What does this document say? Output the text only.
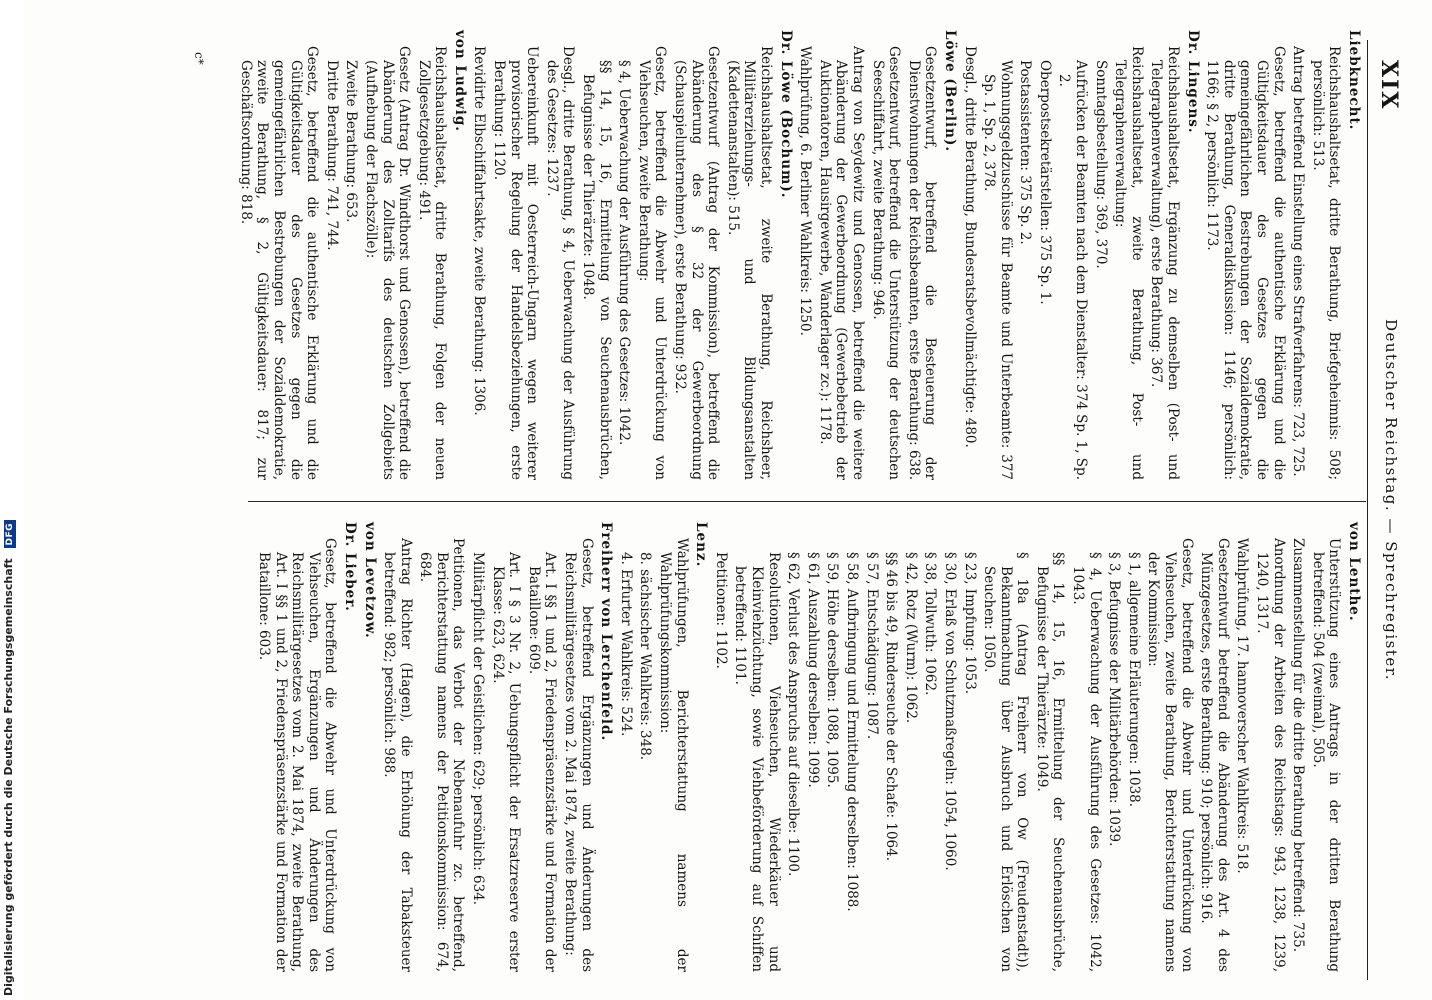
XIX
Deutscher Reichstag. — Sprechregister.

Liebknecht.

Reichshaushaltsetat, dritte Berathung, Briefgeheimnis: 508; persönlich: 513.

Antrag betreffend Einstellung eines Strafverfahrens: 723, 725.

Gesetz, betreffend die authentische Erklärung und die Gültigkeitsdauer des Gesetzes gegen die gemeingefährlichen Bestrebungen der Sozialdemokratie, dritte Berathung, Generaldiskussion: 1146; persönlich: 1166; § 2, persönlich: 1173.

Dr. Lingens.

Reichshaushaltsetat, Ergänzung zu demselben (Post- und Telegraphenverwaltung), erste Berathung: 367.

Reichshaushaltsetat, zweite Berathung, Post- und Telegraphenverwaltung:

Sonntagsbestellung: 369, 370.

Aufrücken der Beamten nach dem Dienstalter: 374 Sp. 1, Sp. 2.

Oberpostsekretärstellen: 375 Sp. 1.

Postassistenten: 375 Sp. 2.

Wohnungsgeldzuschüsse für Beamte und Unterbeamte: 377 Sp. 1, Sp. 2, 378.

Desgl., dritte Berathung, Bundesratsbevollmächtigte: 480.

Löwe (Berlin).

Gesetzentwurf, betreffend die Besteuerung der Dienstwohnungen der Reichsbeamten, erste Berathung: 638.

Gesetzentwurf, betreffend die Unterstützung der deutschen Seeschiffahrt, zweite Berathung: 946.

Antrag von Seydewitz und Genossen, betreffend die weitere Abänderung der Gewerbeordnung (Gewerbebetrieb der Auktionatoren, Hausirgewerbe, Wanderlager zc.): 1178.

Wahlprüfung, 6. Berliner Wahlkreis: 1250.

Dr. Löwe (Bochum).

Reichshaushaltsetat, zweite Berathung, Reichsheer, Militärerziehungs- und Bildungsanstalten (Kadettenanstalten): 515.

Gesetzentwurf (Antrag der Kommission), betreffend die Abänderung des § 32 der Gewerbeordnung (Schauspielunternehmer), erste Berathung: 932.

Gesetz, betreffend die Abwehr und Unterdrückung von Viehseuchen, zweite Berathung:

§ 4, Ueberwachung der Ausführung des Gesetzes: 1042.

§§ 14, 15, 16, Ermittelung von Seuchenausbrüchen, Befugnisse der Thierärzte: 1048.

Desgl., dritte Berathung, § 4, Ueberwachung der Ausführung des Gesetzes: 1237.

Uebereinkunft mit Oesterreich-Ungarn wegen weiterer provisorischer Regelung der Handelsbeziehungen, erste Berathung: 1120.

Revidirte Elbschiffahrtsakte, zweite Berathung: 1306.

von Ludwig.

Reichshaushaltsetat, dritte Berathung, Folgen der neuen Zollgesetzgebung: 491.

Gesetz (Antrag Dr. Windthorst und Genossen), betreffend die Abänderung des Zolltarifs des deutschen Zollgebiets (Aufhebung der Flachszölle):

Zweite Berathung: 653.

Dritte Berathung: 741, 744.

Gesetz, betreffend die authentische Erklärung und die Gültigkeitsdauer des Gesetzes gegen die gemeingefährlichen Bestrebungen der Sozialdemokratie, zweite Berathung, § 2, Gültigkeitsdauer: 817; zur Geschäftsordnung: 818.

von Lenthe.

Unterstützung eines Antrags in der dritten Berathung betreffend: 504 (zweimal), 505.

Zusammenstellung für die dritte Berathung betreffend: 735.

Anordnung der Arbeiten des Reichstags: 943, 1238, 1239, 1240, 1317.

Wahlprüfung, 17. hannoverscher Wahlkreis: 518.

Gesetzentwurf betreffend die Abänderung des Art. 4 des Münzgesetzes, erste Berathung: 910; persönlich: 916.

Gesetz, betreffend die Abwehr und Unterdrückung von Viehseuchen, zweite Berathung, Berichterstattung namens der Kommission:

§ 1, allgemeine Erläuterungen: 1038.

§ 3, Befugnisse der Militärbehörden: 1039.

§ 4, Ueberwachung der Ausführung des Gesetzes: 1042, 1043.

§§ 14, 15, 16, Ermittelung der Seuchenausbrüche, Befugnisse der Thierärzte: 1049.

§ 18a (Antrag Freiherr von Ow (Freudenstadt)), Bekanntmachung über Ausbruch und Erlöschen von Seuchen: 1050.

§ 23, Impfung: 1053.

§ 30, Erlaß von Schutzmaßregeln: 1054, 1060.

§ 38, Tollwuth: 1062.

§ 42, Rotz (Wurm): 1062.

§§ 46 bis 49, Rinderseuche der Schafe: 1064.

§ 57, Entschädigung: 1087.

§ 58, Aufbringung und Ermittelung derselben: 1088.

§ 59, Höhe derselben: 1088, 1095.

§ 61, Auszahlung derselben: 1099.

§ 62, Verlust des Anspruchs auf dieselbe: 1100.

Resolutionen, Viehseuchen, Wiederkäuer und Kleinviehzüchtung, sowie Viehbeförderung auf Schiffen betreffend: 1101.

Petitionen: 1102.

Lenz.

Wahlprüfungen, Berichterstattung namens der Wahlprüfungskommission:

8. sächsischer Wahlkreis: 348.

4. Erfurter Wahlkreis: 524.

Freiherr von Lerchenfeld.

Gesetz, betreffend Ergänzungen und Änderungen des Reichsmilitärgesetzes vom 2. Mai 1874, zweite Berathung:

Art. I §§ 1 und 2, Friedenspräsenzstärke und Formation der Bataillone: 609.

Art. I § 3 Nr. 2, Uebungspflicht der Ersatzreserve erster Klasse: 623, 624.

Militärpflicht der Geistlichen: 629; persönlich: 634.

Petitionen, das Verbot der Nebenaufuhr zc. betreffend, Berichterstattung namens der Petitionskommission: 674, 684.

Antrag Richter (Hagen), die Erhöhung der Tabaksteuer betreffend: 982; persönlich: 988.

von Levetzow.

Dr. Lieber.

Gesetz, betreffend die Abwehr und Unterdrückung von Viehseuchen, Ergänzungen und Änderungen des Reichsmilitärgesetzes vom 2. Mai 1874, zweite Berathung, Art. I §§ 1 und 2, Friedenspräsenzstärke und Formation der Bataillone: 603.

c*
Digitalisierung gefördert durch die Deutsche Forschungsgemeinschaft DFG
